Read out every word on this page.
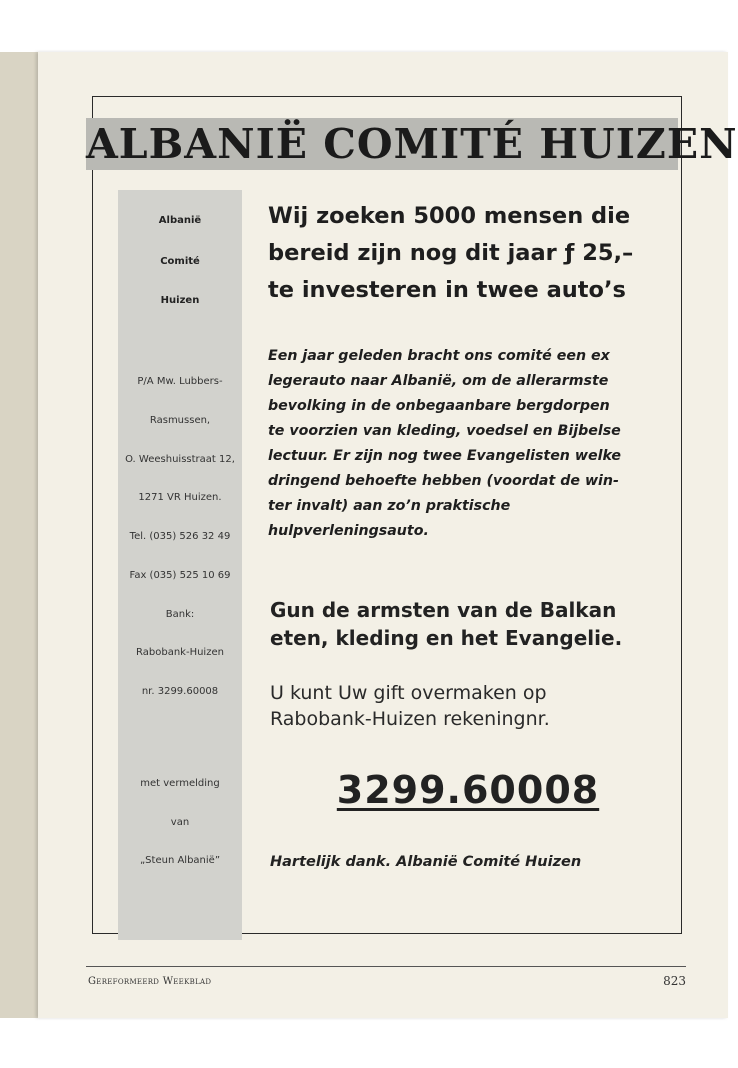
ALBANIË COMITÉ HUIZEN
Albanië
Comité
Huizen
P/A Mw. Lubbers-
Rasmussen,
O. Weeshuisstraat 12,
1271 VR Huizen.
Tel. (035) 526 32 49
Fax (035) 525 10 69
Bank:
Rabobank-Huizen
nr. 3299.60008
met vermelding
van
„Steun Albanië”
Wij zoeken 5000 mensen die
bereid zijn nog dit jaar ƒ 25,–
te investeren in twee auto’s
Een jaar geleden bracht ons comité een ex
legerauto naar Albanië, om de allerarmste
bevolking in de onbegaanbare bergdorpen
te voorzien van kleding, voedsel en Bijbelse
lectuur. Er zijn nog twee Evangelisten welke
dringend behoefte hebben (voordat de win-
ter invalt) aan zo’n praktische
hulpverleningsauto.
Gun de armsten van de Balkan
eten, kleding en het Evangelie.
U kunt Uw gift overmaken op
Rabobank-Huizen rekeningnr.
3299.60008
Hartelijk dank. Albanië Comité Huizen
Gereformeerd Weekblad	823
